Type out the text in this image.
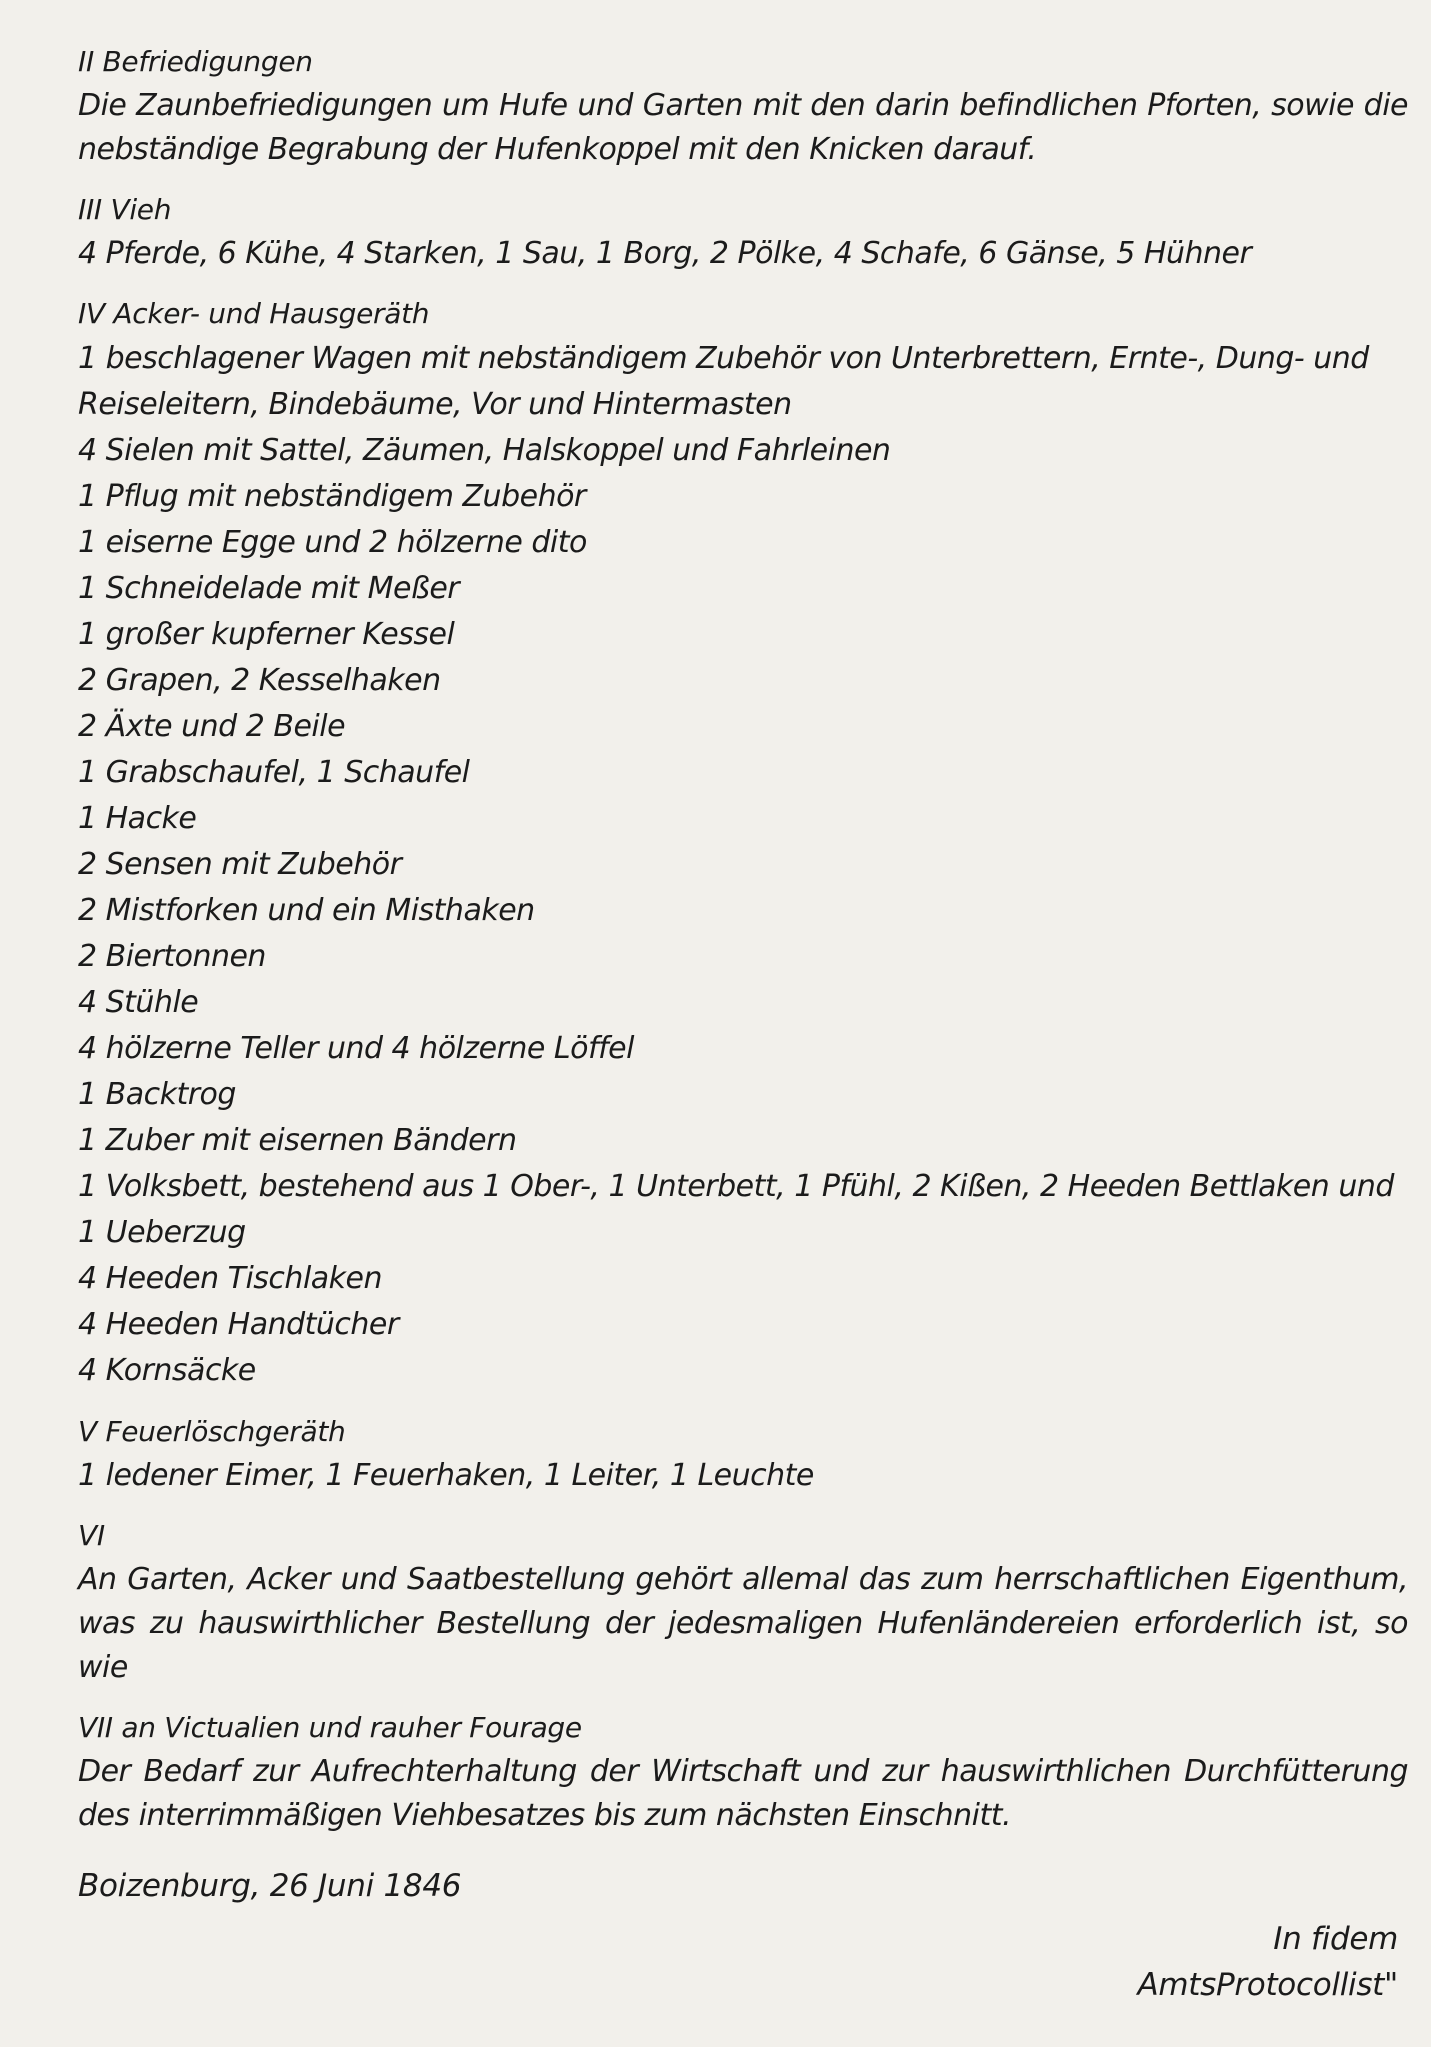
II Befriedigungen

Die Zaunbefriedigungen um Hufe und Garten mit den darin befindlichen Pforten, sowie die nebständige Begrabung der Hufenkoppel mit den Knicken darauf.

III Vieh

4 Pferde, 6 Kühe, 4 Starken, 1 Sau, 1 Borg, 2 Pölke, 4 Schafe, 6 Gänse, 5 Hühner

IV Acker- und Hausgeräth

1 beschlagener Wagen mit nebständigem Zubehör von Unterbrettern, Ernte-, Dung- und Reiseleitern, Bindebäume, Vor und Hintermasten
4 Sielen mit Sattel, Zäumen, Halskoppel und Fahrleinen
1 Pflug mit nebständigem Zubehör
1 eiserne Egge und 2 hölzerne dito
1 Schneidelade mit Meßer
1 großer kupferner Kessel
2 Grapen, 2 Kesselhaken
2 Äxte und 2 Beile
1 Grabschaufel, 1 Schaufel
1 Hacke
2 Sensen mit Zubehör
2 Mistforken und ein Misthaken
2 Biertonnen
4 Stühle
4 hölzerne Teller und 4 hölzerne Löffel
1 Backtrog
1 Zuber mit eisernen Bändern
1 Volksbett, bestehend aus 1 Ober-, 1 Unterbett, 1 Pfühl, 2 Kißen, 2 Heeden Bettlaken und 1 Ueberzug
4 Heeden Tischlaken
4 Heeden Handtücher
4 Kornsäcke

V Feuerlöschgeräth

1 ledener Eimer, 1 Feuerhaken, 1 Leiter, 1 Leuchte

VI

An Garten, Acker und Saatbestellung gehört allemal das zum herrschaftlichen Eigenthum, was zu hauswirthlicher Bestellung der jedesmaligen Hufenländereien erforderlich ist, so wie

VII an Victualien und rauher Fourage

Der Bedarf zur Aufrechterhaltung der Wirtschaft und zur hauswirthlichen Durchfütterung des interrimmäßigen Viehbesatzes bis zum nächsten Einschnitt.

Boizenburg, 26 Juni 1846
In fidem
AmtsProtocollist"
